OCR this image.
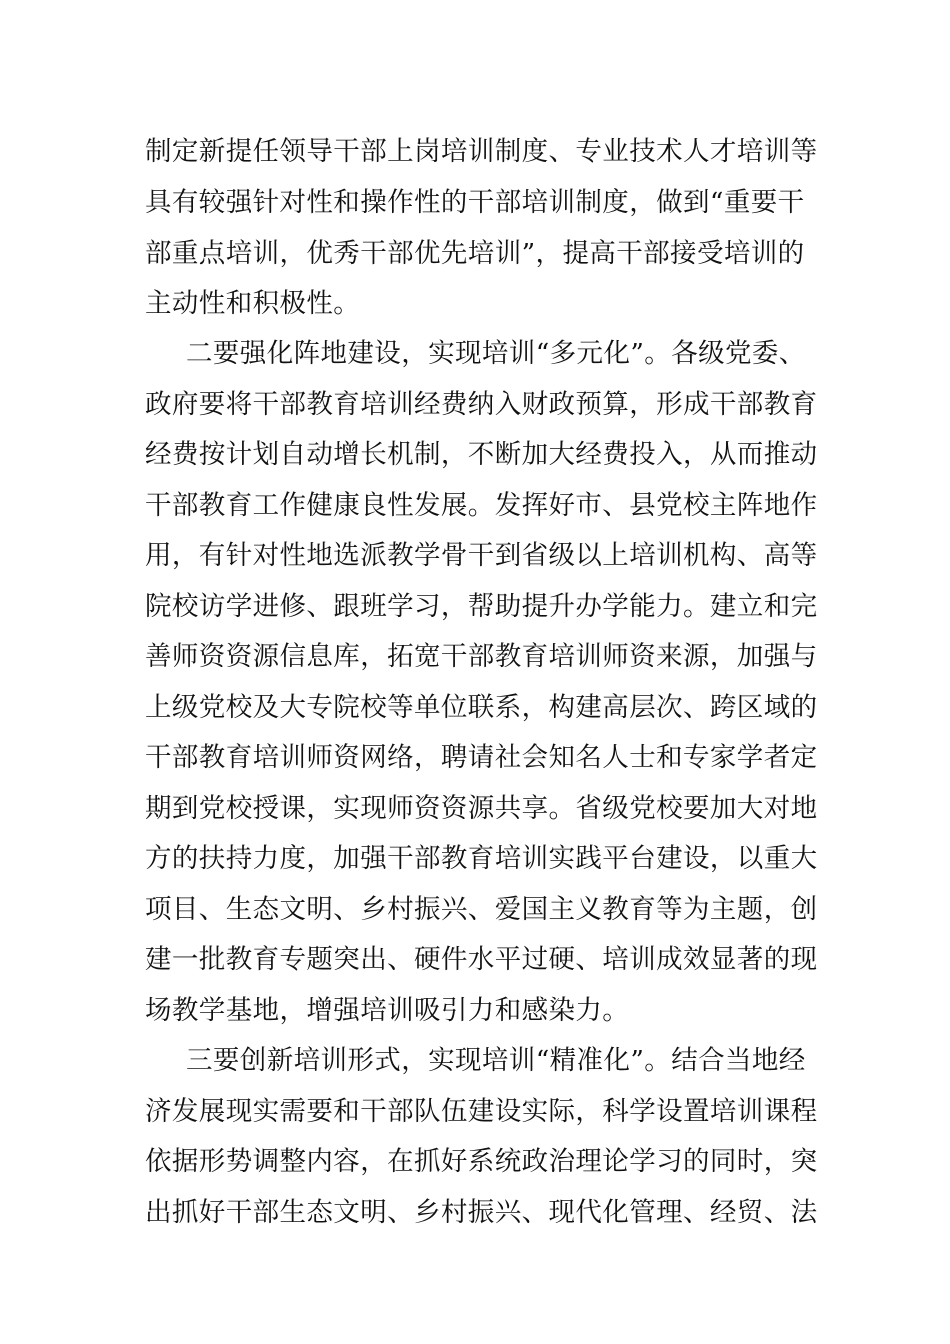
制定新提任领导干部上岗培训制度、专业技术人才培训等
具有较强针对性和操作性的干部培训制度，做到“重要干
部重点培训，优秀干部优先培训”，提高干部接受培训的
主动性和积极性。
二要强化阵地建设，实现培训“多元化”。各级党委、
政府要将干部教育培训经费纳入财政预算，形成干部教育
经费按计划自动增长机制，不断加大经费投入，从而推动
干部教育工作健康良性发展。发挥好市、县党校主阵地作
用，有针对性地选派教学骨干到省级以上培训机构、高等
院校访学进修、跟班学习，帮助提升办学能力。建立和完
善师资资源信息库，拓宽干部教育培训师资来源，加强与
上级党校及大专院校等单位联系，构建高层次、跨区域的
干部教育培训师资网络，聘请社会知名人士和专家学者定
期到党校授课，实现师资资源共享。省级党校要加大对地
方的扶持力度，加强干部教育培训实践平台建设，以重大
项目、生态文明、乡村振兴、爱国主义教育等为主题，创
建一批教育专题突出、硬件水平过硬、培训成效显著的现
场教学基地，增强培训吸引力和感染力。
三要创新培训形式，实现培训“精准化”。结合当地经
济发展现实需要和干部队伍建设实际，科学设置培训课程
依据形势调整内容，在抓好系统政治理论学习的同时，突
出抓好干部生态文明、乡村振兴、现代化管理、经贸、法
